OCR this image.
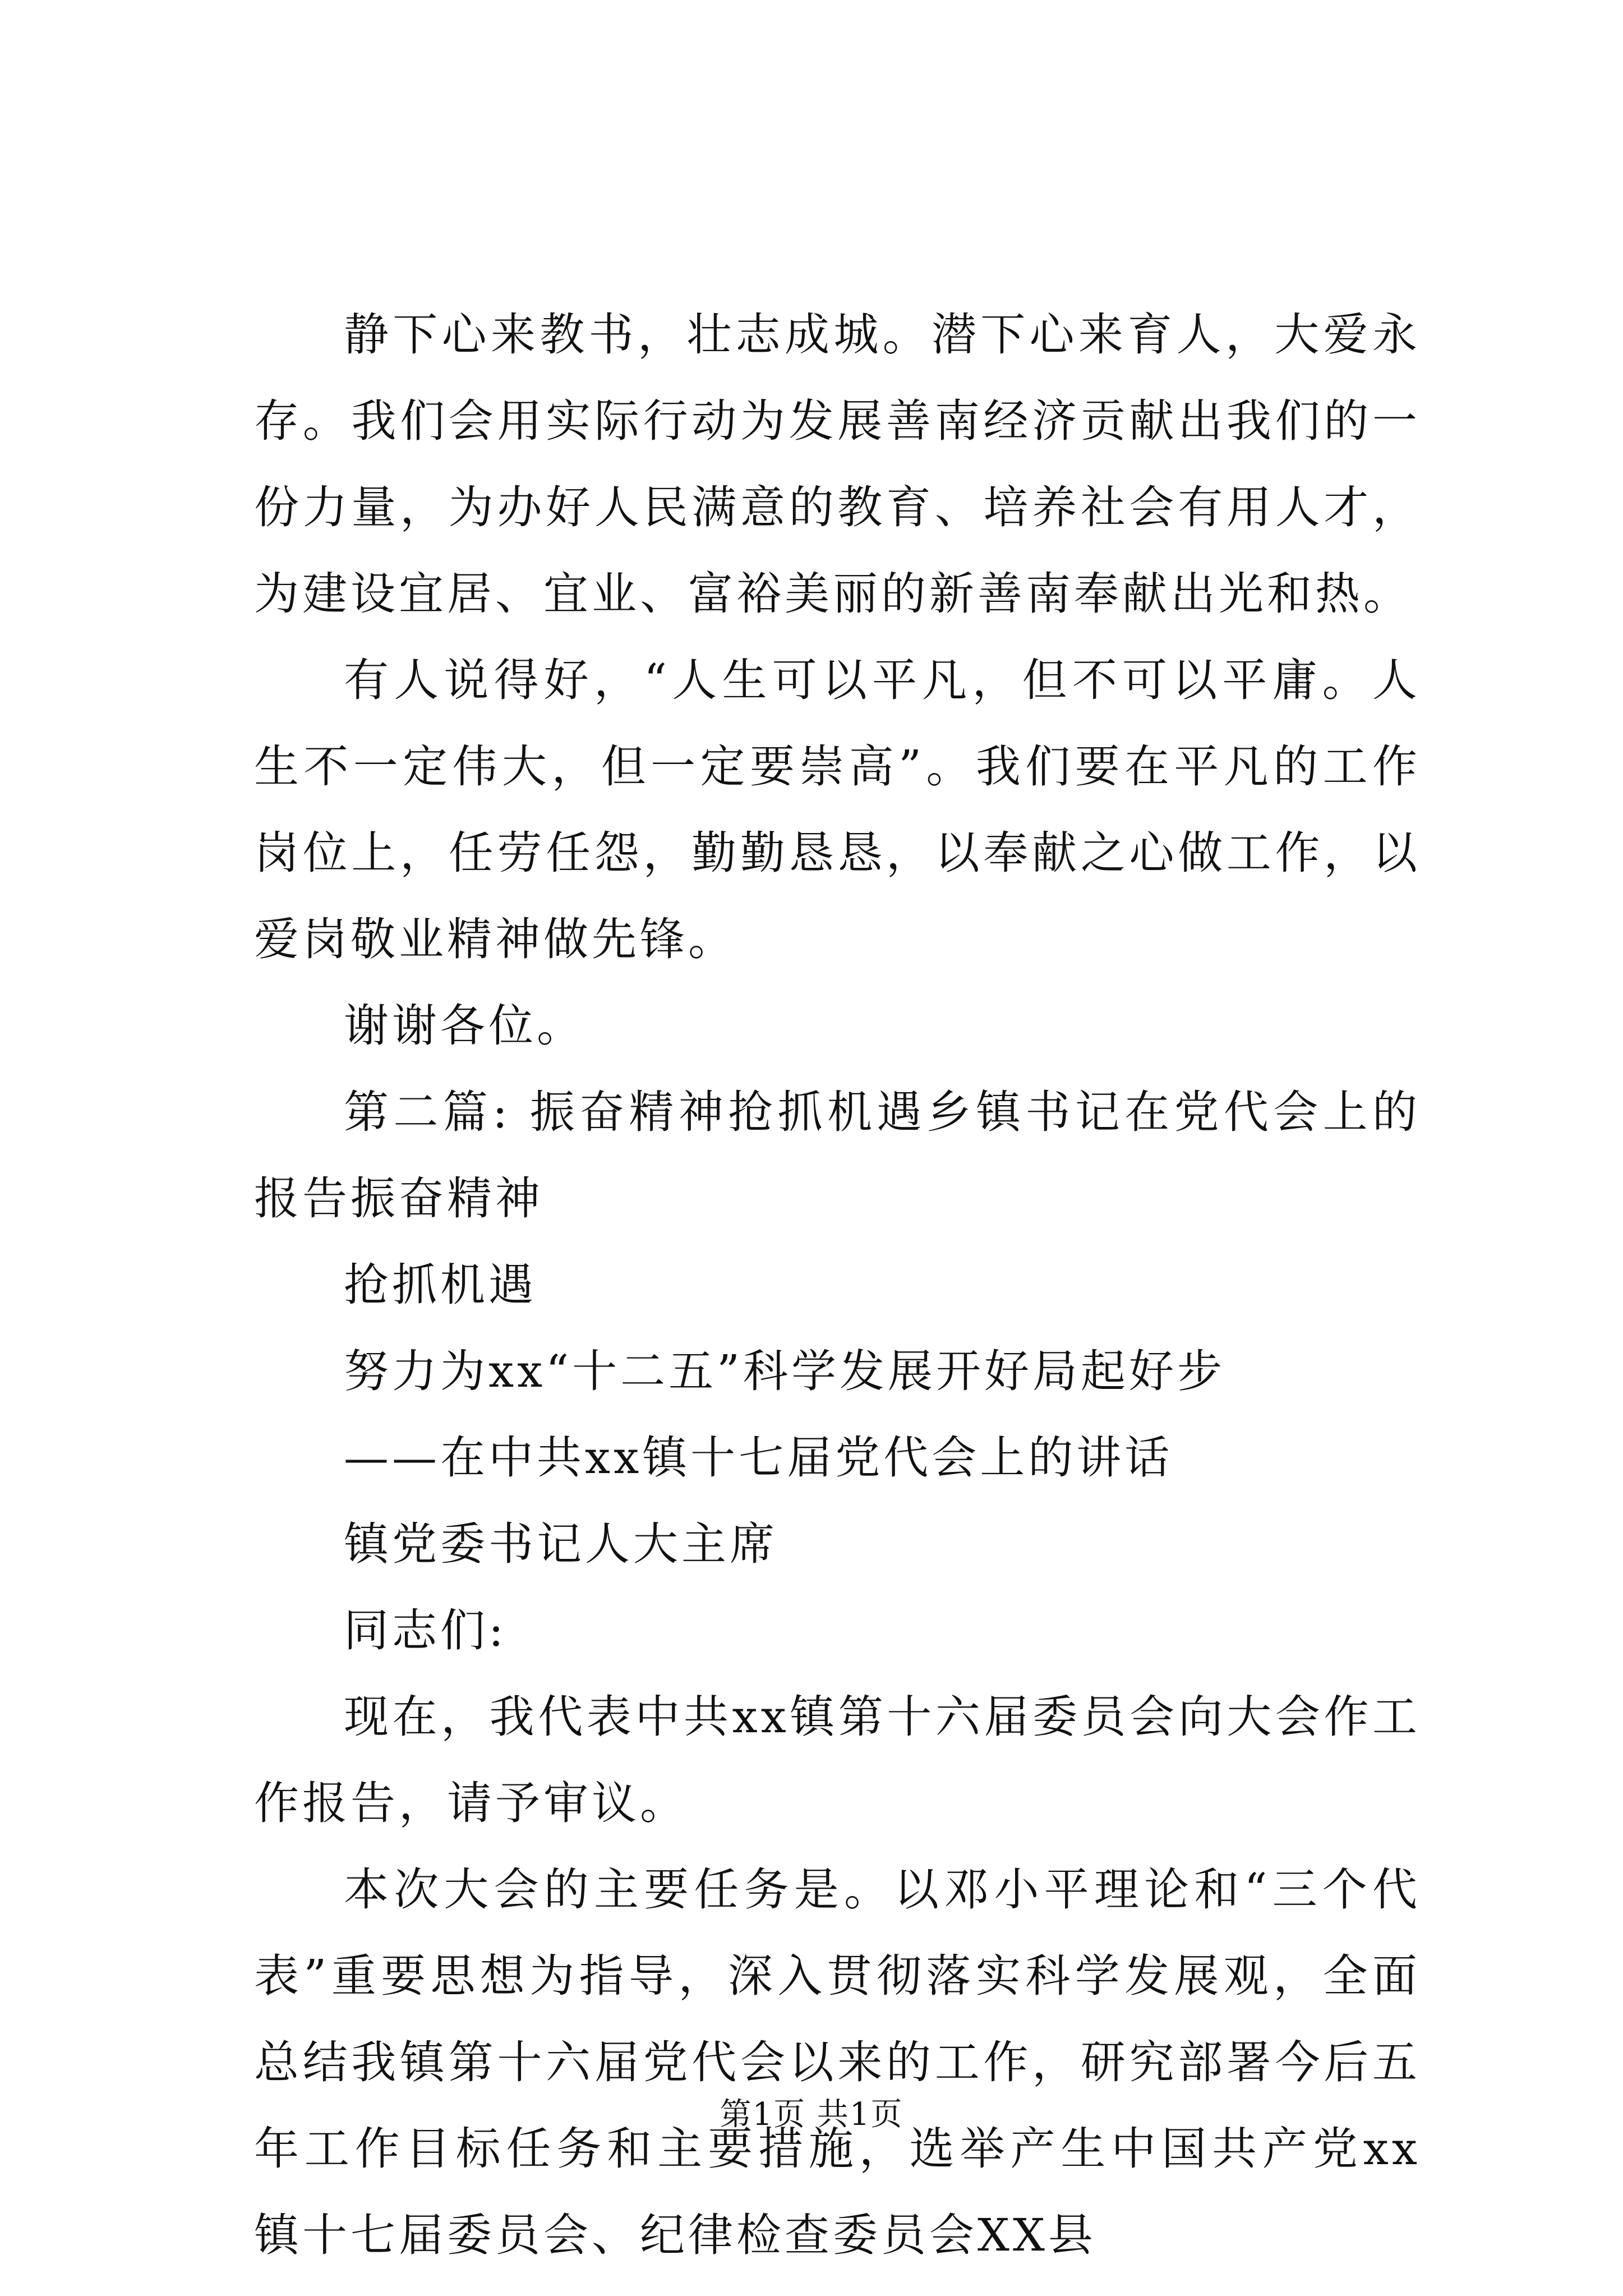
静下心来教书，壮志成城。潜下心来育人，大爱永存。我们会用实际行动为发展善南经济贡献出我们的一份力量，为办好人民满意的教育、培养社会有用人才，为建设宜居、宜业、富裕美丽的新善南奉献出光和热。

有人说得好，“人生可以平凡，但不可以平庸。人生不一定伟大，但一定要崇高”。我们要在平凡的工作岗位上，任劳任怨，勤勤恳恳，以奉献之心做工作，以爱岗敬业精神做先锋。

谢谢各位。

第二篇: 振奋精神抢抓机遇乡镇书记在党代会上的报告振奋精神

抢抓机遇

努力为xx“十二五”科学发展开好局起好步

——在中共xx镇十七届党代会上的讲话

镇党委书记人大主席

同志们:

现在，我代表中共xx镇第十六届委员会向大会作工作报告，请予审议。

本次大会的主要任务是。以邓小平理论和“三个代表”重要思想为指导，深入贯彻落实科学发展观，全面总结我镇第十六届党代会以来的工作，研究部署今后五年工作目标任务和主要措施，选举产生中国共产党xx镇十七届委员会、纪律检查委员会XX县

第1页 共1页
